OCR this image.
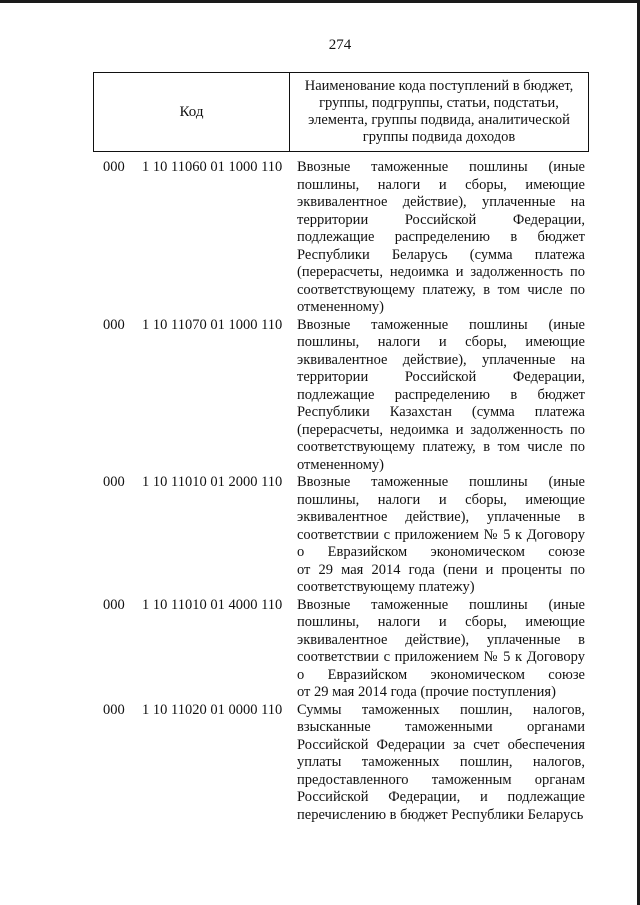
274
Код
Наименование кода поступлений в бюджет, группы, подгруппы, статьи, подстатьи, элемента, группы подвида, аналитической группы подвида доходов
000 1 10 11060 01 1000 110 Ввозные таможенные пошлины (иные
пошлины, налоги и сборы, имеющие
эквивалентное действие), уплаченные на
территории Российской Федерации,
подлежащие распределению в бюджет
Республики Беларусь (сумма платежа
(перерасчеты, недоимка и задолженность по
соответствующему платежу, в том числе по
отмененному)
000 1 10 11070 01 1000 110 Ввозные таможенные пошлины (иные
пошлины, налоги и сборы, имеющие
эквивалентное действие), уплаченные на
территории Российской Федерации,
подлежащие распределению в бюджет
Республики Казахстан (сумма платежа
(перерасчеты, недоимка и задолженность по
соответствующему платежу, в том числе по
отмененному)
000 1 10 11010 01 2000 110 Ввозные таможенные пошлины (иные
пошлины, налоги и сборы, имеющие
эквивалентное действие), уплаченные в
соответствии с приложением № 5 к Договору
о Евразийском экономическом союзе
от 29 мая 2014 года (пени и проценты по
соответствующему платежу)
000 1 10 11010 01 4000 110 Ввозные таможенные пошлины (иные
пошлины, налоги и сборы, имеющие
эквивалентное действие), уплаченные в
соответствии с приложением № 5 к Договору
о Евразийском экономическом союзе
от 29 мая 2014 года (прочие поступления)
000 1 10 11020 01 0000 110 Суммы таможенных пошлин, налогов,
взысканные таможенными органами
Российской Федерации за счет обеспечения
уплаты таможенных пошлин, налогов,
предоставленного таможенным органам
Российской Федерации, и подлежащие
перечислению в бюджет Республики Беларусь
